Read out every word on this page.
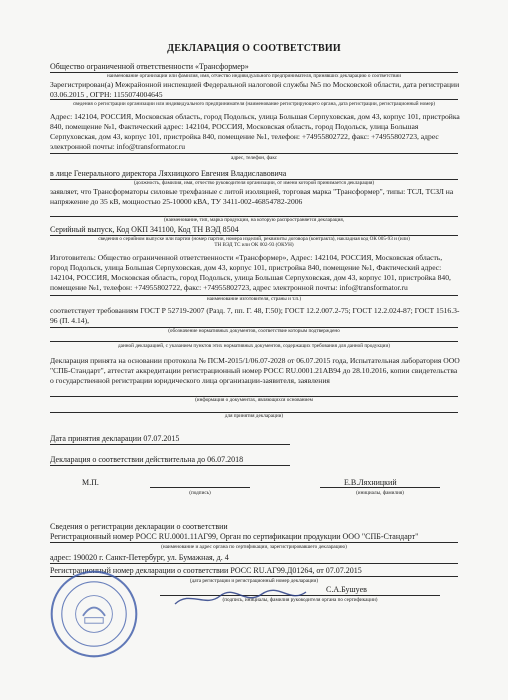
ДЕКЛАРАЦИЯ О СООТВЕТСТВИИ
Общество ограниченной ответственности «Трансформер»
наименование организации или фамилия, имя, отчество индивидуального предпринимателя, принявших декларацию о соответствии
Зарегистрирован(а) Межрайонной инспекцией Федеральной налоговой службы №5 по Московской области, дата регистрации 03.06.2015 , ОГРН: 1155074004645
сведения о регистрации организации или индивидуального предпринимателя (наименование регистрирующего органа, дата регистрации, регистрационный номер)
Адрес: 142104, РОССИЯ, Московская область, город Подольск, улица Большая Серпуховская, дом 43, корпус 101, пристройка 840, помещение №1, Фактический адрес: 142104, РОССИЯ, Московская область, город Подольск, улица Большая Серпуховская, дом 43, корпус 101, пристройка 840, помещение №1, телефон: +74955802722, факс: +74955802723, адрес электронной почты: info@transformator.ru
адрес, телефон, факс
в лице Генерального директора Ляхницкого Евгения Владиславовича
(должность, фамилия, имя, отчество руководителя организации, от имени которой принимается декларация)
заявляет, что Трансформаторы силовые трехфазные с литой изоляцией, торговая марка "Трансформер", типы: ТСЛ, ТСЗЛ на напряжение до 35 кВ, мощностью 25-10000 кВА, ТУ 3411-002-46854782-2006
(наименование, тип, марка продукции, на которую распространяется декларация,
Серийный выпуск, Код ОКП 341100, Код ТН ВЭД 8504
сведения о серийном выпуске или партии (номер партии, номера изделий, реквизиты договора (контракта), накладная код ОК 005-93 и (или)
ТН ВЭД ТС или ОК 002-93 (ОКУН)
Изготовитель: Общество ограниченной ответственности «Трансформер», Адрес: 142104, РОССИЯ, Московская область, город Подольск, улица Большая Серпуховская, дом 43, корпус 101, пристройка 840, помещение №1, Фактический адрес: 142104, РОССИЯ, Московская область, город Подольск, улица Большая Серпуховская, дом 43, корпус 101, пристройка 840, помещение №1, телефон: +74955802722, факс: +74955802723, адрес электронной почты: info@transformator.ru
наименование изготовителя, страны и т.п.)
соответствует требованиям ГОСТ Р 52719-2007 (Разд. 7, пп. Г. 48, Г.50); ГОСТ 12.2.007.2-75; ГОСТ 12.2.024-87; ГОСТ 1516.3-96 (П. 4.14),
(обозначение нормативных документов, соответствие которым подтверждено
данной декларацией, с указанием пунктов этих нормативных документов, содержащих требования для данной продукции)
Декларация принята на основании протокола № ПСМ-2015/1/06.07-2028 от 06.07.2015 года, Испытательная лаборатория ООО "СПБ-Стандарт", аттестат аккредитации регистрационный номер РОСС RU.0001.21АВ94 до 28.10.2016, копии свидетельства о государственной регистрации юридического лица организации-заявителя, заявления
(информация о документах, являющихся основанием
для принятия декларации)
Дата принятия декларации 07.07.2015
Декларация о соответствии действительна до 06.07.2018
М.П.
(подпись)
Е.В.Ляхницкий
(инициалы, фамилия)
Сведения о регистрации декларации о соответствии
Регистрационный номер РОСС RU.0001.11АГ99, Орган по сертификации продукции ООО "СПБ-Стандарт"
(наименование и адрес органа по сертификации, зарегистрировавшего декларацию)
адрес: 190020 г. Санкт-Петербург, ул. Бумажная, д. 4
Регистрационный номер декларации о соответствии РОСС RU.АГ99.Д01264, от 07.07.2015
(дата регистрации и регистрационный номер декларации)
С.А.Бушуев
(подпись, инициалы, фамилия руководителя органа по сертификации)
